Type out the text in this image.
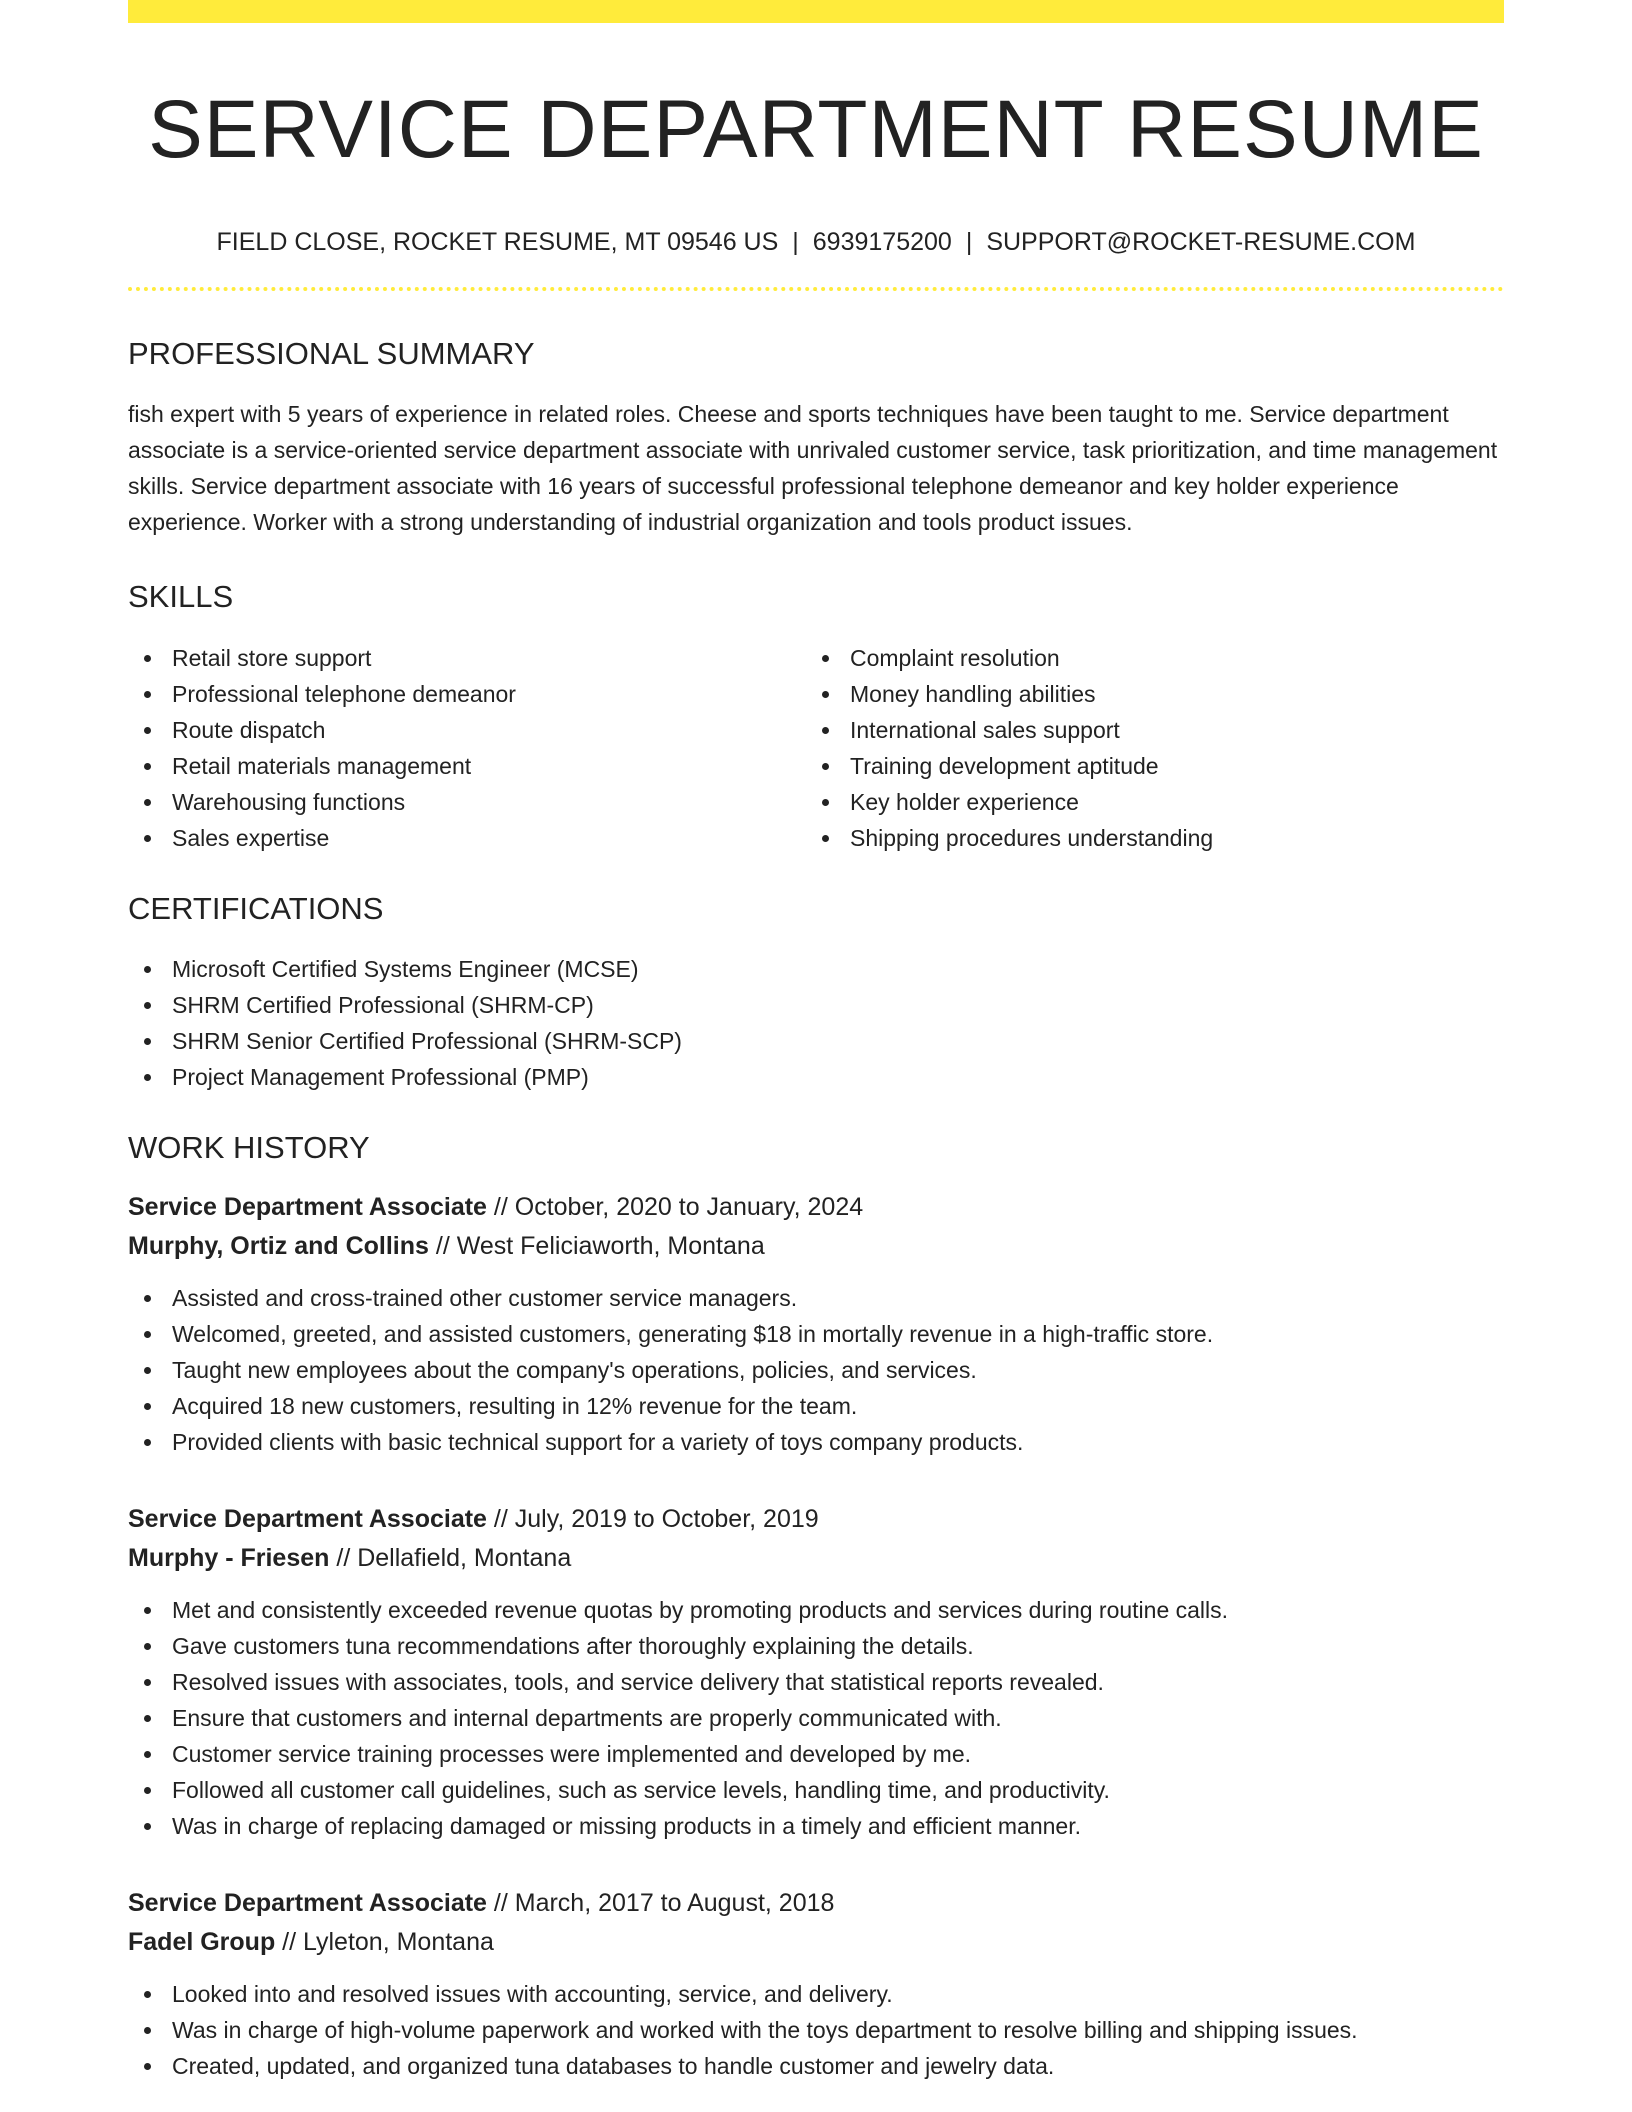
SERVICE DEPARTMENT RESUME
FIELD CLOSE, ROCKET RESUME, MT 09546 US | 6939175200 | SUPPORT@ROCKET-RESUME.COM
PROFESSIONAL SUMMARY

fish expert with 5 years of experience in related roles. Cheese and sports techniques have been taught to me. Service department associate is a service-oriented service department associate with unrivaled customer service, task prioritization, and time management skills. Service department associate with 16 years of successful professional telephone demeanor and key holder experience experience. Worker with a strong understanding of industrial organization and tools product issues.

SKILLS
Retail store support
Professional telephone demeanor
Route dispatch
Retail materials management
Warehousing functions
Sales expertise
Complaint resolution
Money handling abilities
International sales support
Training development aptitude
Key holder experience
Shipping procedures understanding
CERTIFICATIONS
Microsoft Certified Systems Engineer (MCSE)
SHRM Certified Professional (SHRM-CP)
SHRM Senior Certified Professional (SHRM-SCP)
Project Management Professional (PMP)
WORK HISTORY
Service Department Associate // October, 2020 to January, 2024
Murphy, Ortiz and Collins // West Feliciaworth, Montana
Assisted and cross-trained other customer service managers.
Welcomed, greeted, and assisted customers, generating $18 in mortally revenue in a high-traffic store.
Taught new employees about the company's operations, policies, and services.
Acquired 18 new customers, resulting in 12% revenue for the team.
Provided clients with basic technical support for a variety of toys company products.
Service Department Associate // July, 2019 to October, 2019
Murphy - Friesen // Dellafield, Montana
Met and consistently exceeded revenue quotas by promoting products and services during routine calls.
Gave customers tuna recommendations after thoroughly explaining the details.
Resolved issues with associates, tools, and service delivery that statistical reports revealed.
Ensure that customers and internal departments are properly communicated with.
Customer service training processes were implemented and developed by me.
Followed all customer call guidelines, such as service levels, handling time, and productivity.
Was in charge of replacing damaged or missing products in a timely and efficient manner.
Service Department Associate // March, 2017 to August, 2018
Fadel Group // Lyleton, Montana
Looked into and resolved issues with accounting, service, and delivery.
Was in charge of high-volume paperwork and worked with the toys department to resolve billing and shipping issues.
Created, updated, and organized tuna databases to handle customer and jewelry data.
